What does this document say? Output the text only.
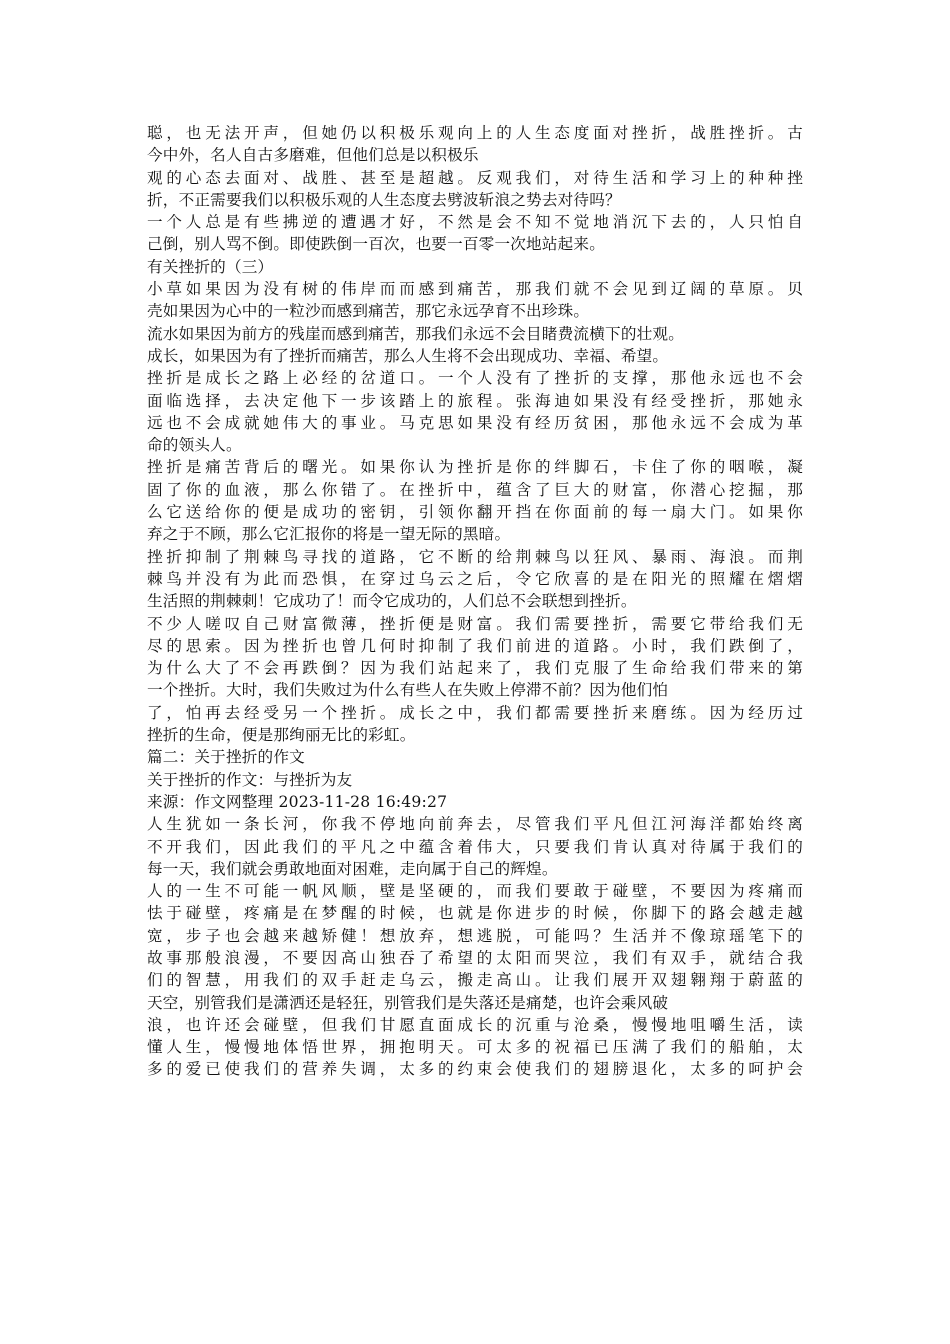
聪，也无法开声，但她仍以积极乐观向上的人生态度面对挫折，战胜挫折。古
今中外，名人自古多磨难，但他们总是以积极乐
观的心态去面对、战胜、甚至是超越。反观我们，对待生活和学习上的种种挫
折，不正需要我们以积极乐观的人生态度去劈波斩浪之势去对待吗？
一个人总是有些拂逆的遭遇才好，不然是会不知不觉地消沉下去的，人只怕自
己倒，别人骂不倒。即使跌倒一百次，也要一百零一次地站起来。
有关挫折的（三）
小草如果因为没有树的伟岸而而感到痛苦，那我们就不会见到辽阔的草原。贝
壳如果因为心中的一粒沙而感到痛苦，那它永远孕育不出珍珠。
流水如果因为前方的残崖而感到痛苦，那我们永远不会目睹费流横下的壮观。
成长，如果因为有了挫折而痛苦，那么人生将不会出现成功、幸福、希望。
挫折是成长之路上必经的岔道口。一个人没有了挫折的支撑，那他永远也不会
面临选择，去决定他下一步该踏上的旅程。张海迪如果没有经受挫折，那她永
远也不会成就她伟大的事业。马克思如果没有经历贫困，那他永远不会成为革
命的领头人。
挫折是痛苦背后的曙光。如果你认为挫折是你的绊脚石，卡住了你的咽喉，凝
固了你的血液，那么你错了。在挫折中，蕴含了巨大的财富，你潜心挖掘，那
么它送给你的便是成功的密钥，引领你翻开挡在你面前的每一扇大门。如果你
弃之于不顾，那么它汇报你的将是一望无际的黑暗。
挫折抑制了荆棘鸟寻找的道路，它不断的给荆棘鸟以狂风、暴雨、海浪。而荆
棘鸟并没有为此而恐惧，在穿过乌云之后，令它欣喜的是在阳光的照耀在熠熠
生活照的荆棘刺！它成功了！而令它成功的，人们总不会联想到挫折。
不少人嗟叹自己财富微薄，挫折便是财富。我们需要挫折，需要它带给我们无
尽的思索。因为挫折也曾几何时抑制了我们前进的道路。小时，我们跌倒了，
为什么大了不会再跌倒？因为我们站起来了，我们克服了生命给我们带来的第
一个挫折。大时，我们失败过为什么有些人在失败上停滞不前？因为他们怕
了，怕再去经受另一个挫折。成长之中，我们都需要挫折来磨练。因为经历过
挫折的生命，便是那绚丽无比的彩虹。
篇二：关于挫折的作文
关于挫折的作文：与挫折为友
来源：作文网整理 2023-11-28 16:49:27
人生犹如一条长河，你我不停地向前奔去，尽管我们平凡但江河海洋都始终离
不开我们，因此我们的平凡之中蕴含着伟大，只要我们肯认真对待属于我们的
每一天，我们就会勇敢地面对困难，走向属于自己的辉煌。
人的一生不可能一帆风顺，壁是坚硬的，而我们要敢于碰壁，不要因为疼痛而
怯于碰壁，疼痛是在梦醒的时候，也就是你进步的时候，你脚下的路会越走越
宽，步子也会越来越矫健！想放弃，想逃脱，可能吗？生活并不像琼瑶笔下的
故事那般浪漫，不要因高山独吞了希望的太阳而哭泣，我们有双手，就结合我
们的智慧，用我们的双手赶走乌云，搬走高山。让我们展开双翅翱翔于蔚蓝的
天空，别管我们是潇洒还是轻狂，别管我们是失落还是痛楚，也许会乘风破
浪，也许还会碰壁，但我们甘愿直面成长的沉重与沧桑，慢慢地咀嚼生活，读
懂人生，慢慢地体悟世界，拥抱明天。可太多的祝福已压满了我们的船舶，太
多的爱已使我们的营养失调，太多的约束会使我们的翅膀退化，太多的呵护会
